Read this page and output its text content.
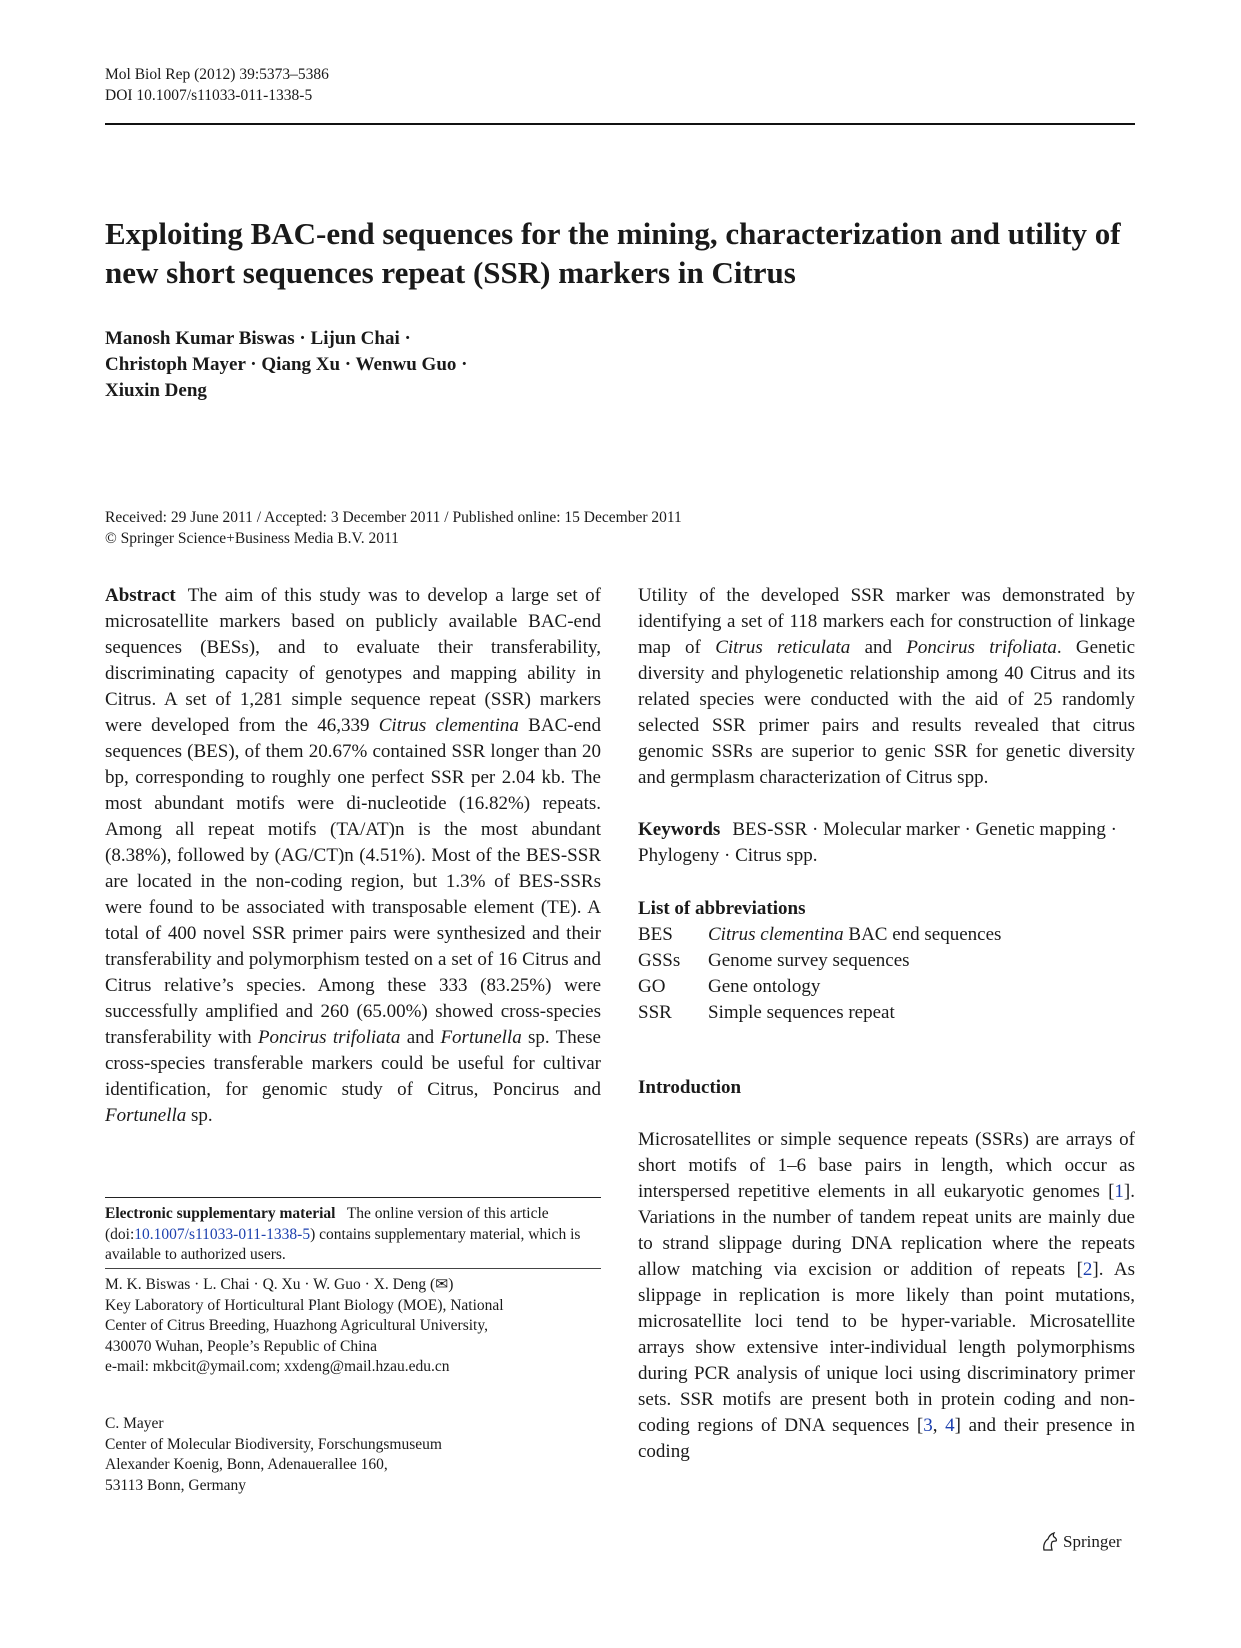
Mol Biol Rep (2012) 39:5373–5386
DOI 10.1007/s11033-011-1338-5
Exploiting BAC-end sequences for the mining, characterization and utility of new short sequences repeat (SSR) markers in Citrus
Manosh Kumar Biswas · Lijun Chai ·
Christoph Mayer · Qiang Xu · Wenwu Guo ·
Xiuxin Deng
Received: 29 June 2011 / Accepted: 3 December 2011 / Published online: 15 December 2011
© Springer Science+Business Media B.V. 2011

Abstract The aim of this study was to develop a large set of microsatellite markers based on publicly available BAC-end sequences (BESs), and to evaluate their transferability, discriminating capacity of genotypes and mapping ability in Citrus. A set of 1,281 simple sequence repeat (SSR) markers were developed from the 46,339 Citrus clementina BAC-end sequences (BES), of them 20.67% contained SSR longer than 20 bp, corresponding to roughly one perfect SSR per 2.04 kb. The most abundant motifs were di-nucleotide (16.82%) repeats. Among all repeat motifs (TA/AT)n is the most abundant (8.38%), followed by (AG/CT)n (4.51%). Most of the BES-SSR are located in the non-coding region, but 1.3% of BES-SSRs were found to be associated with transposable element (TE). A total of 400 novel SSR primer pairs were synthesized and their transferability and polymorphism tested on a set of 16 Citrus and Citrus relative’s species. Among these 333 (83.25%) were successfully amplified and 260 (65.00%) showed cross-species transferability with Poncirus trifoliata and Fortunella sp. These cross-species transferable markers could be useful for cultivar identification, for genomic study of Citrus, Poncirus and Fortunella sp.

Utility of the developed SSR marker was demonstrated by identifying a set of 118 markers each for construction of linkage map of Citrus reticulata and Poncirus trifoliata. Genetic diversity and phylogenetic relationship among 40 Citrus and its related species were conducted with the aid of 25 randomly selected SSR primer pairs and results revealed that citrus genomic SSRs are superior to genic SSR for genetic diversity and germplasm characterization of Citrus spp.

Keywords BES-SSR · Molecular marker · Genetic mapping · Phylogeny · Citrus spp.

List of abbreviations
BES	Citrus clementina BAC end sequences
GSSs	Genome survey sequences
GO	Gene ontology
SSR	Simple sequences repeat
Introduction

Microsatellites or simple sequence repeats (SSRs) are arrays of short motifs of 1–6 base pairs in length, which occur as interspersed repetitive elements in all eukaryotic genomes [1]. Variations in the number of tandem repeat units are mainly due to strand slippage during DNA replication where the repeats allow matching via excision or addition of repeats [2]. As slippage in replication is more likely than point mutations, microsatellite loci tend to be hyper-variable. Microsatellite arrays show extensive inter-individual length polymorphisms during PCR analysis of unique loci using discriminatory primer sets. SSR motifs are present both in protein coding and non-coding regions of DNA sequences [3, 4] and their presence in coding

Electronic supplementary material The online version of this article (doi:10.1007/s11033-011-1338-5) contains supplementary material, which is available to authorized users.
M. K. Biswas · L. Chai · Q. Xu · W. Guo · X. Deng (✉)
Key Laboratory of Horticultural Plant Biology (MOE), National
Center of Citrus Breeding, Huazhong Agricultural University,
430070 Wuhan, People’s Republic of China
e-mail: mkbcit@ymail.com; xxdeng@mail.hzau.edu.cn
C. Mayer
Center of Molecular Biodiversity, Forschungsmuseum
Alexander Koenig, Bonn, Adenauerallee 160,
53113 Bonn, Germany
Springer
